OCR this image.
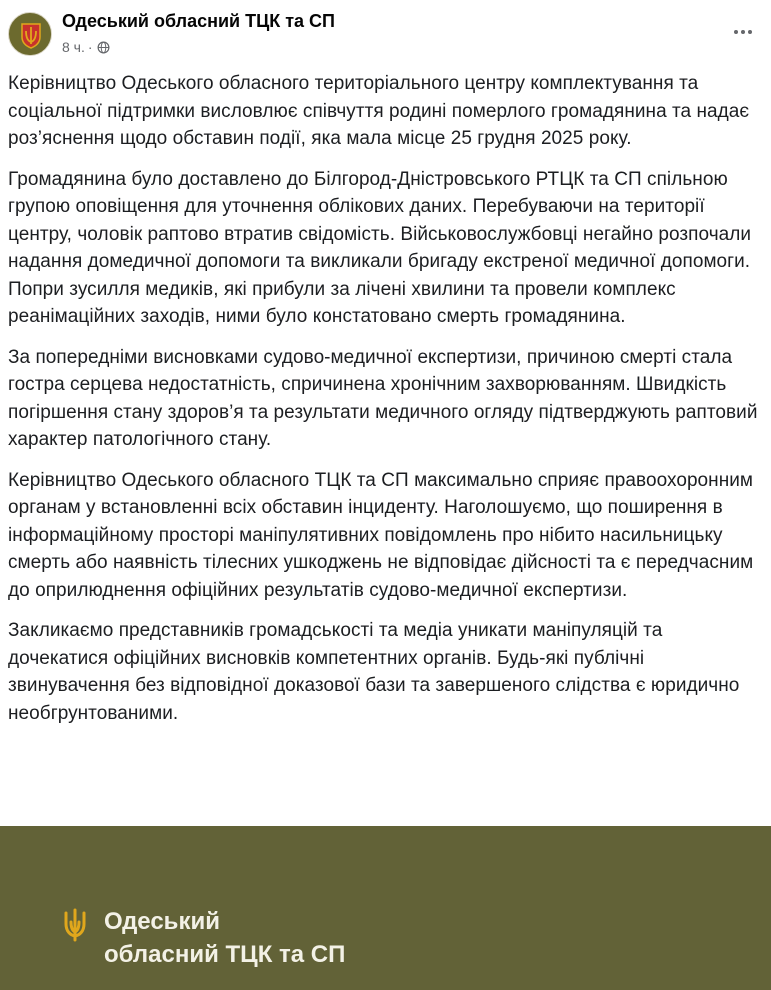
Одеський обласний ТЦК та СП
8 ч. ·

Керівництво Одеського обласного територіального центру комплектування та соціальної підтримки висловлює співчуття родині померлого громадянина та надає роз’яснення щодо обставин події, яка мала місце 25 грудня 2025 року.

Громадянина було доставлено до Білгород-Дністровського РТЦК та СП спільною групою оповіщення для уточнення облікових даних. Перебуваючи на території центру, чоловік раптово втратив свідомість. Військовослужбовці негайно розпочали надання домедичної допомоги та викликали бригаду екстреної медичної допомоги. Попри зусилля медиків, які прибули за лічені хвилини та провели комплекс реанімаційних заходів, ними було констатовано смерть громадянина.

За попередніми висновками судово-медичної експертизи, причиною смерті стала гостра серцева недостатність, спричинена хронічним захворюванням. Швидкість погіршення стану здоров’я та результати медичного огляду підтверджують раптовий характер патологічного стану.

Керівництво Одеського обласного ТЦК та СП максимально сприяє правоохоронним органам у встановленні всіх обставин інциденту. Наголошуємо, що поширення в інформаційному просторі маніпулятивних повідомлень про нібито насильницьку смерть або наявність тілесних ушкоджень не відповідає дійсності та є передчасним до оприлюднення офіційних результатів судово-медичної експертизи.

Закликаємо представників громадськості та медіа уникати маніпуляцій та дочекатися офіційних висновків компетентних органів. Будь-які публічні звинувачення без відповідної доказової бази та завершеного слідства є юридично необгрунтованими.

Одеський
обласний ТЦК та СП
